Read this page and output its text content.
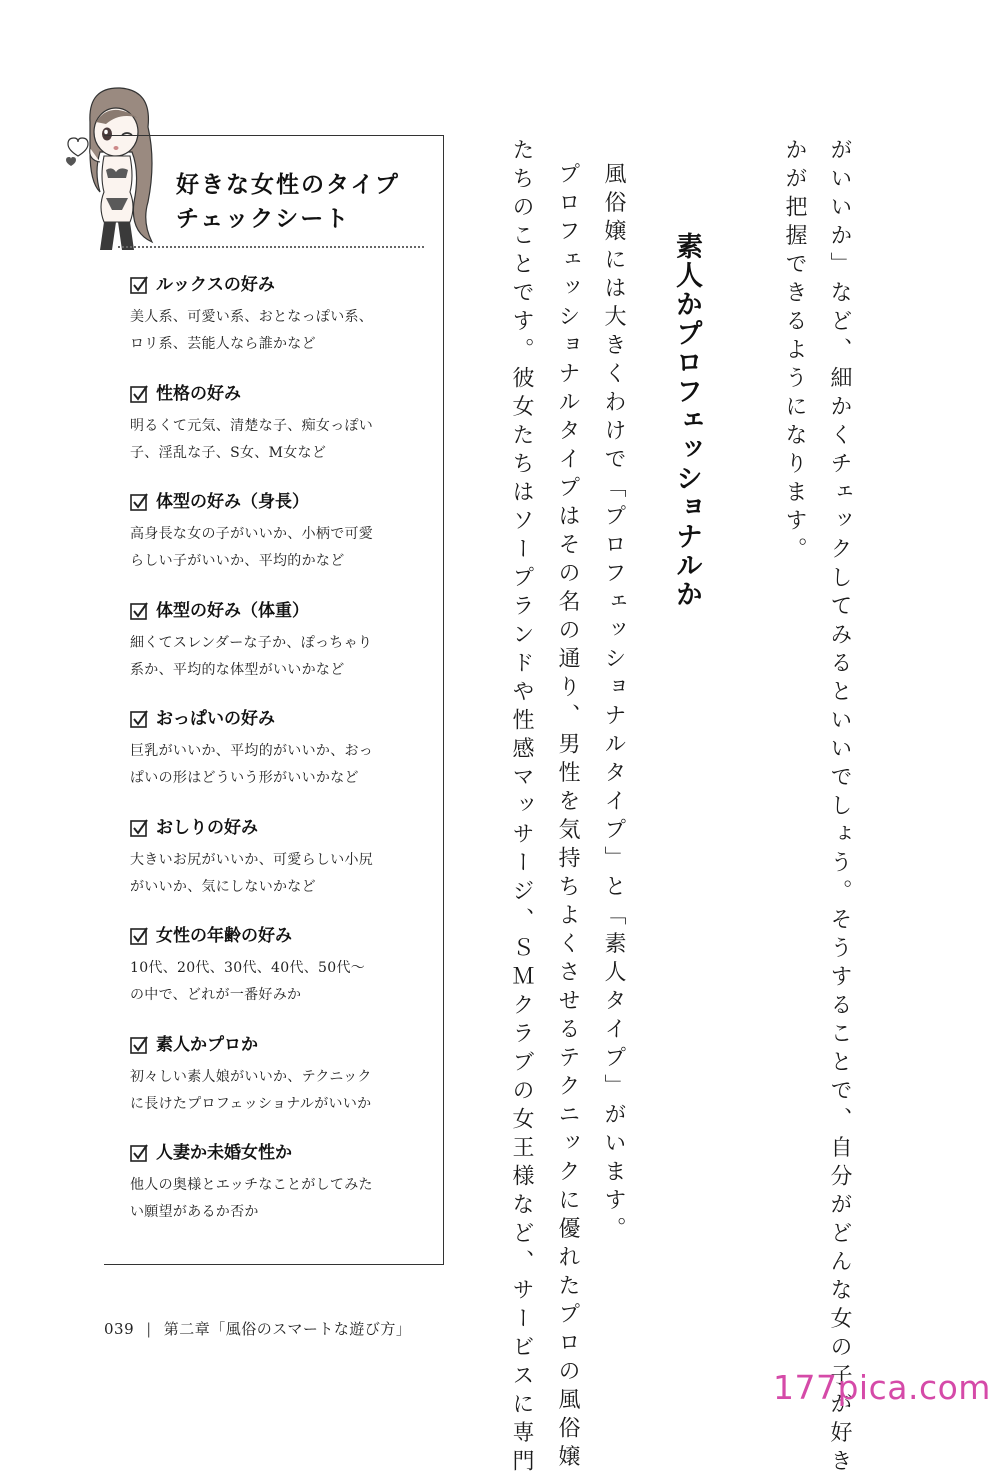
好きな女性のタイプ
チェックシート
ルックスの好み
美人系、可愛い系、おとなっぽい系、
ロリ系、芸能人なら誰かなど
性格の好み
明るくて元気、清楚な子、痴女っぽい
子、淫乱な子、S女、M女など
体型の好み（身長）
高身長な女の子がいいか、小柄で可愛
らしい子がいいか、平均的かなど
体型の好み（体重）
細くてスレンダーな子か、ぽっちゃり
系か、平均的な体型がいいかなど
おっぱいの好み
巨乳がいいか、平均的がいいか、おっ
ぱいの形はどういう形がいいかなど
おしりの好み
大きいお尻がいいか、可愛らしい小尻
がいいか、気にしないかなど
女性の年齢の好み
10代、20代、30代、40代、50代〜
の中で、どれが一番好みか
素人かプロか
初々しい素人娘がいいか、テクニック
に長けたプロフェッショナルがいいか
人妻か未婚女性か
他人の奥様とエッチなことがしてみた
い願望があるか否か	がいいか」など、細かくチェックしてみるといいでしょう。そうすることで、自分がどんな女の子が好き
かが把握できるようになります。
素人かプロフェッショナルか
風俗嬢には大きくわけで「プロフェッショナルタイプ」と「素人タイプ」がいます。
プロフェッショナルタイプはその名の通り、男性を気持ちよくさせるテクニックに優れたプロの風俗嬢
たちのことです。彼女たちはソープランドや性感マッサージ、ＳＭクラブの女王様など、サービスに専門
039 | 第二章「風俗のスマートな遊び方」
177pica.com
